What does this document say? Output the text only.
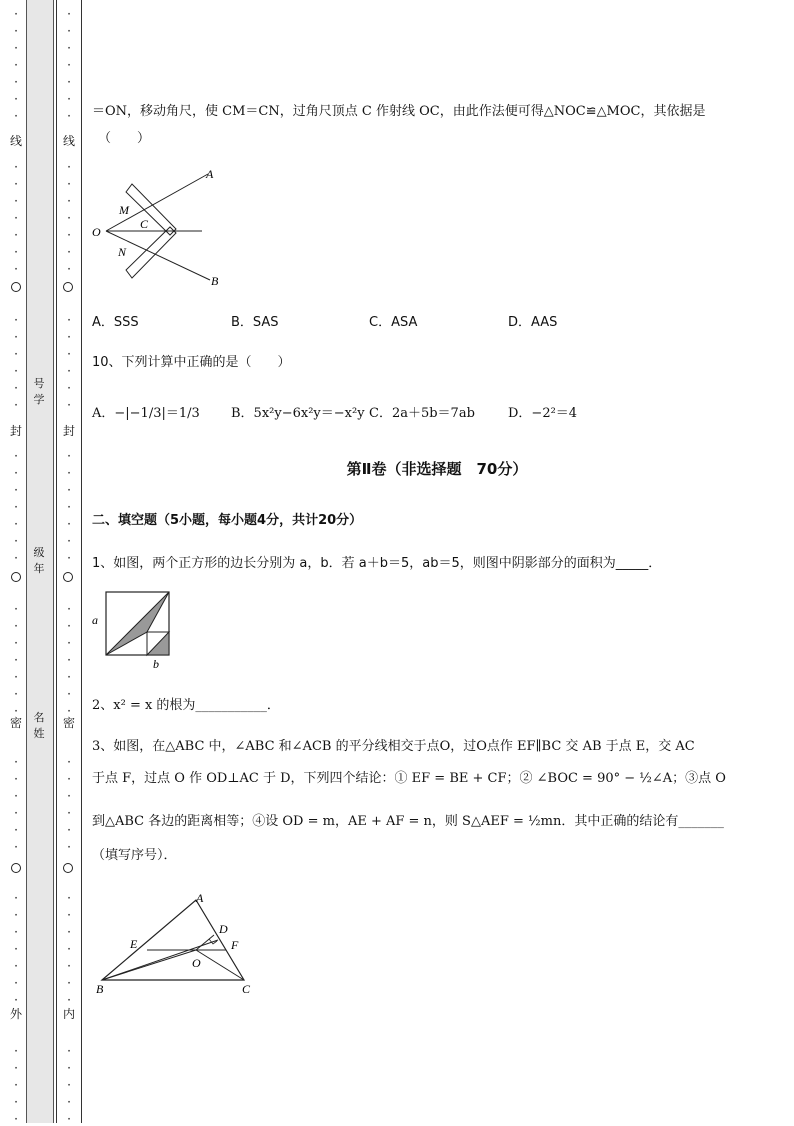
·
·
·
·
·
·
·
·
·
·
·
·
·
·
·
·
·
·
·
·
·
·
·
·
·
·
·
·
·
·
·
·
·
·
·
·
·
·
·
·
·
·
·
·
·
·
·
·
·
·
·
·
·
·
·
·
·
·
·
·
·
·
·
·
·
·
·
·
·
·
·
·
·
·
·
·
·
·
·
·
·
·
·
·
·
·
·
·
·
·
·
·
·
·
·
·
·
·
·
·
·
·
·
·
线
封
密
外
线
封
密
内
号学
级年
名姓
＝ON，移动角尺，使 CM＝CN，过角尺顶点 C 作射线 OC，由此作法便可得△NOC≌△MOC，其依据是
（　　）
A
M
C
O
N
B
A．SSS	B．SAS	C．ASA	D．AAS
10、下列计算中正确的是（　　）
A．−|−1/3|＝1/3 B．5x²y−6x²y＝−x²y C．2a＋5b＝7ab	D．−2²＝4
第Ⅱ卷（非选择题　70分）
二、填空题（5小题，每小题4分，共计20分）
1、如图，两个正方形的边长分别为 a，b．若 a＋b＝5，ab＝5，则图中阴影部分的面积为_____．
a
b
2、x² = x 的根为___________．
3、如图，在△ABC 中，∠ABC 和∠ACB 的平分线相交于点O，过O点作 EF∥BC 交 AB 于点 E，交 AC
于点 F，过点 O 作 OD⊥AC 于 D，下列四个结论：① EF = BE + CF；② ∠BOC = 90° − ½∠A；③点 O
到△ABC 各边的距离相等；④设 OD = m，AE + AF = n，则 S△AEF = ½mn．其中正确的结论有_______
（填写序号）．
A
D
E	F
O
B	C
